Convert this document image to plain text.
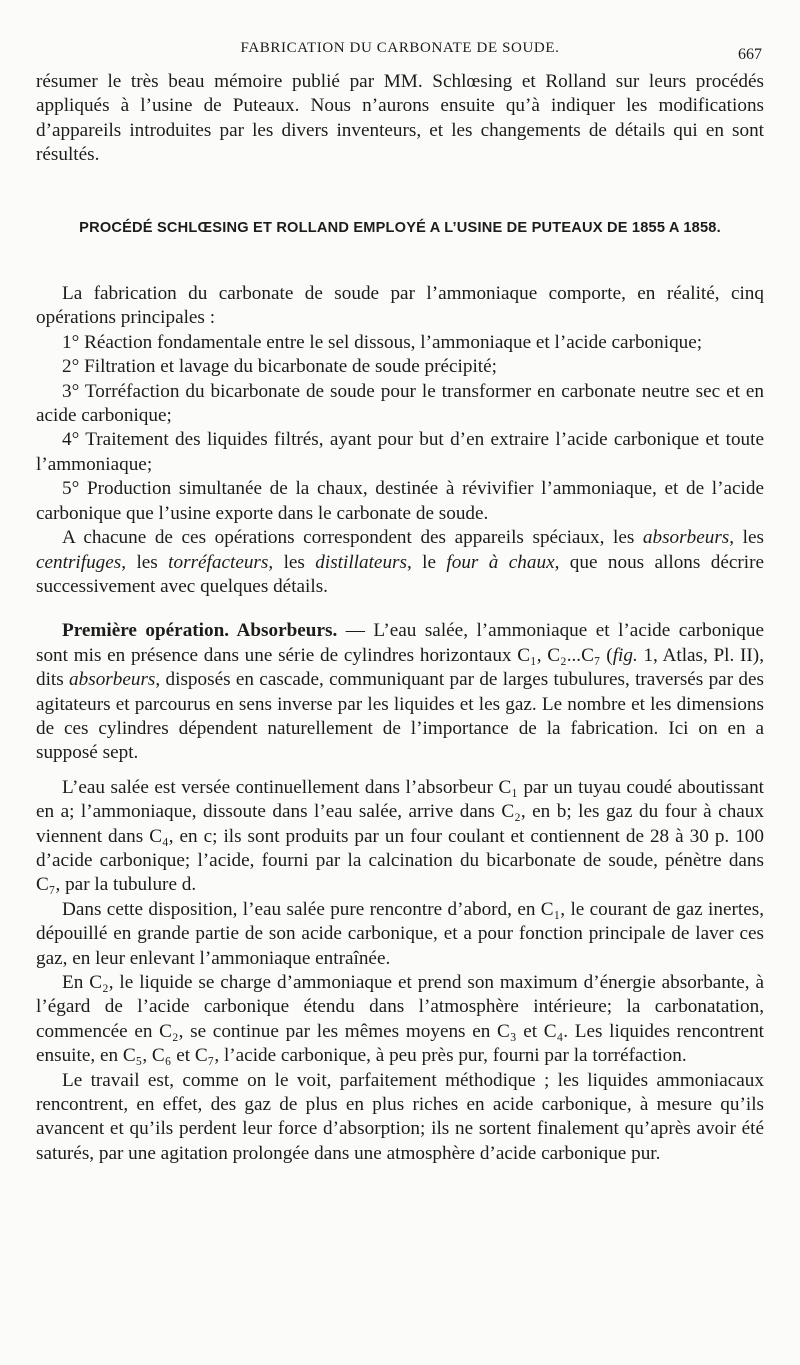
FABRICATION DU CARBONATE DE SOUDE.	667

résumer le très beau mémoire publié par MM. Schlœsing et Rolland sur leurs procédés appliqués à l’usine de Puteaux. Nous n’aurons ensuite qu’à indiquer les modifications d’appareils introduites par les divers inventeurs, et les changements de détails qui en sont résultés.

PROCÉDÉ SCHLŒSING ET ROLLAND EMPLOYÉ A L’USINE DE PUTEAUX DE 1855 A 1858.

La fabrication du carbonate de soude par l’ammoniaque comporte, en réalité, cinq opérations principales :

1° Réaction fondamentale entre le sel dissous, l’ammoniaque et l’acide carbonique;

2° Filtration et lavage du bicarbonate de soude précipité;

3° Torréfaction du bicarbonate de soude pour le transformer en carbonate neutre sec et en acide carbonique;

4° Traitement des liquides filtrés, ayant pour but d’en extraire l’acide carbonique et toute l’ammoniaque;

5° Production simultanée de la chaux, destinée à révivifier l’ammoniaque, et de l’acide carbonique que l’usine exporte dans le carbonate de soude.

A chacune de ces opérations correspondent des appareils spéciaux, les absorbeurs, les centrifuges, les torréfacteurs, les distillateurs, le four à chaux, que nous allons décrire successivement avec quelques détails.

Première opération. Absorbeurs. — L’eau salée, l’ammoniaque et l’acide carbonique sont mis en présence dans une série de cylindres horizontaux C₁, C₂...C₇ (fig. 1, Atlas, Pl. II), dits absorbeurs, disposés en cascade, communiquant par de larges tubulures, traversés par des agitateurs et parcourus en sens inverse par les liquides et les gaz. Le nombre et les dimensions de ces cylindres dépendent naturellement de l’importance de la fabrication. Ici on en a supposé sept.

L’eau salée est versée continuellement dans l’absorbeur C₁ par un tuyau coudé aboutissant en a; l’ammoniaque, dissoute dans l’eau salée, arrive dans C₂, en b; les gaz du four à chaux viennent dans C₄, en c; ils sont produits par un four coulant et contiennent de 28 à 30 p. 100 d’acide carbonique; l’acide, fourni par la calcination du bicarbonate de soude, pénètre dans C₇, par la tubulure d.

Dans cette disposition, l’eau salée pure rencontre d’abord, en C₁, le courant de gaz inertes, dépouillé en grande partie de son acide carbonique, et a pour fonction principale de laver ces gaz, en leur enlevant l’ammoniaque entraînée.

En C₂, le liquide se charge d’ammoniaque et prend son maximum d’énergie absorbante, à l’égard de l’acide carbonique étendu dans l’atmosphère intérieure; la carbonatation, commencée en C₂, se continue par les mêmes moyens en C₃ et C₄. Les liquides rencontrent ensuite, en C₅, C₆ et C₇, l’acide carbonique, à peu près pur, fourni par la torréfaction.

Le travail est, comme on le voit, parfaitement méthodique ; les liquides ammoniacaux rencontrent, en effet, des gaz de plus en plus riches en acide carbonique, à mesure qu’ils avancent et qu’ils perdent leur force d’absorption; ils ne sortent finalement qu’après avoir été saturés, par une agitation prolongée dans une atmosphère d’acide carbonique pur.
